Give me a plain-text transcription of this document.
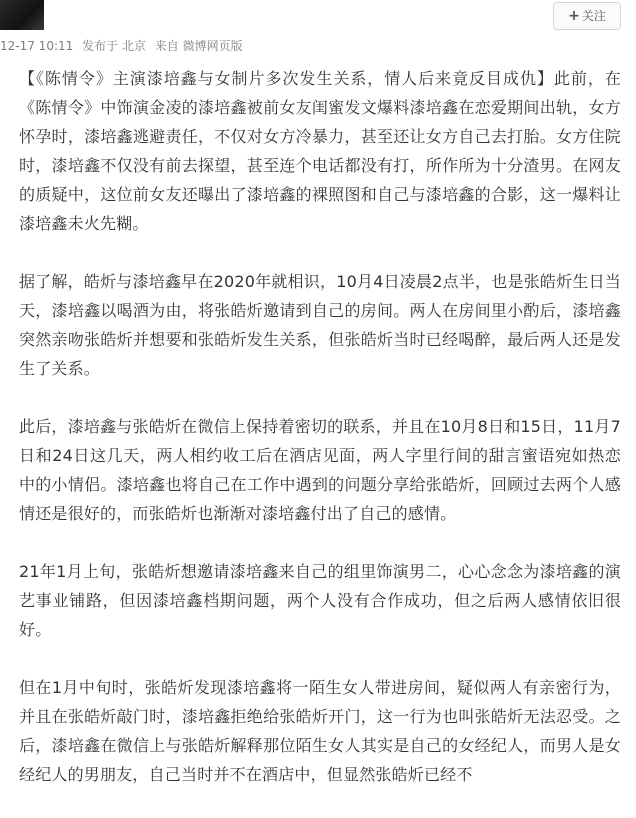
+ 关注
12-17 10:11 发布于 北京 来自 微博网页版

【《陈情令》主演漆培鑫与女制片多次发生关系，情人后来竟反目成仇】此前，在《陈情令》中饰演金凌的漆培鑫被前女友闺蜜发文爆料漆培鑫在恋爱期间出轨，女方怀孕时，漆培鑫逃避责任，不仅对女方冷暴力，甚至还让女方自己去打胎。女方住院时，漆培鑫不仅没有前去探望，甚至连个电话都没有打，所作所为十分渣男。在网友的质疑中，这位前女友还曝出了漆培鑫的裸照图和自己与漆培鑫的合影，这一爆料让漆培鑫未火先糊。

据了解，皓炘与漆培鑫早在2020年就相识，10月4日凌晨2点半，也是张皓炘生日当天，漆培鑫以喝酒为由，将张皓炘邀请到自己的房间。两人在房间里小酌后，漆培鑫突然亲吻张皓炘并想要和张皓炘发生关系，但张皓炘当时已经喝醉，最后两人还是发生了关系。

此后，漆培鑫与张皓炘在微信上保持着密切的联系，并且在10月8日和15日，11月7日和24日这几天，两人相约收工后在酒店见面，两人字里行间的甜言蜜语宛如热恋中的小情侣。漆培鑫也将自己在工作中遇到的问题分享给张皓炘，回顾过去两个人感情还是很好的，而张皓炘也渐渐对漆培鑫付出了自己的感情。

21年1月上旬，张皓炘想邀请漆培鑫来自己的组里饰演男二，心心念念为漆培鑫的演艺事业铺路，但因漆培鑫档期问题，两个人没有合作成功，但之后两人感情依旧很好。

但在1月中旬时，张皓炘发现漆培鑫将一陌生女人带进房间，疑似两人有亲密行为，并且在张皓炘敲门时，漆培鑫拒绝给张皓炘开门，这一行为也叫张皓炘无法忍受。之后，漆培鑫在微信上与张皓炘解释那位陌生女人其实是自己的女经纪人，而男人是女经纪人的男朋友，自己当时并不在酒店中，但显然张皓炘已经不
